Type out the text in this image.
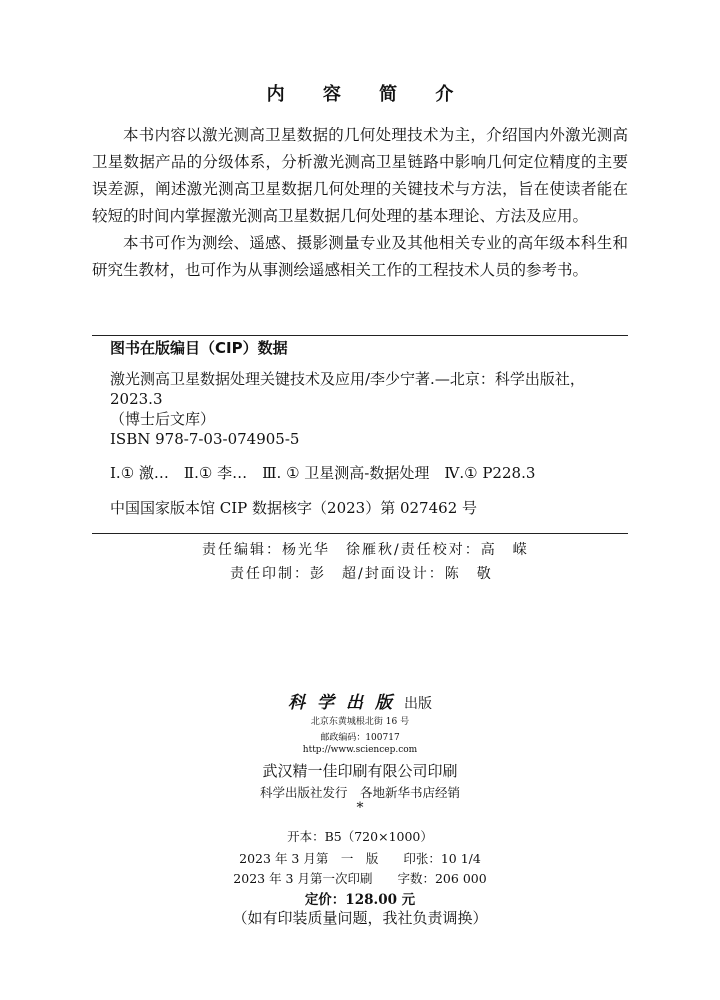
内 容 简 介

本书内容以激光测高卫星数据的几何处理技术为主，介绍国内外激光测高卫星数据产品的分级体系，分析激光测高卫星链路中影响几何定位精度的主要误差源，阐述激光测高卫星数据几何处理的关键技术与方法，旨在使读者能在较短的时间内掌握激光测高卫星数据几何处理的基本理论、方法及应用。

本书可作为测绘、遥感、摄影测量专业及其他相关专业的高年级本科生和研究生教材，也可作为从事测绘遥感相关工作的工程技术人员的参考书。

图书在版编目（CIP）数据
激光测高卫星数据处理关键技术及应用/李少宁著.—北京：科学出版社，
2023.3
（博士后文库）
ISBN 978-7-03-074905-5
Ⅰ.① 激…　Ⅱ.① 李…　Ⅲ. ① 卫星测高-数据处理　Ⅳ.① P228.3
中国国家版本馆 CIP 数据核字（2023）第 027462 号
责任编辑：杨光华　徐雁秋/责任校对：高　嵘
责任印制：彭　超/封面设计：陈　敬
科学出版出版
北京东黄城根北街 16 号
邮政编码：100717
http://www.sciencep.com
武汉精一佳印刷有限公司印刷
科学出版社发行　各地新华书店经销
*
开本：B5（720×1000）
2023 年 3 月第　一　版　　印张：10 1/4
2023 年 3 月第一次印刷　　字数：206 000
定价：128.00 元
（如有印装质量问题，我社负责调换）
